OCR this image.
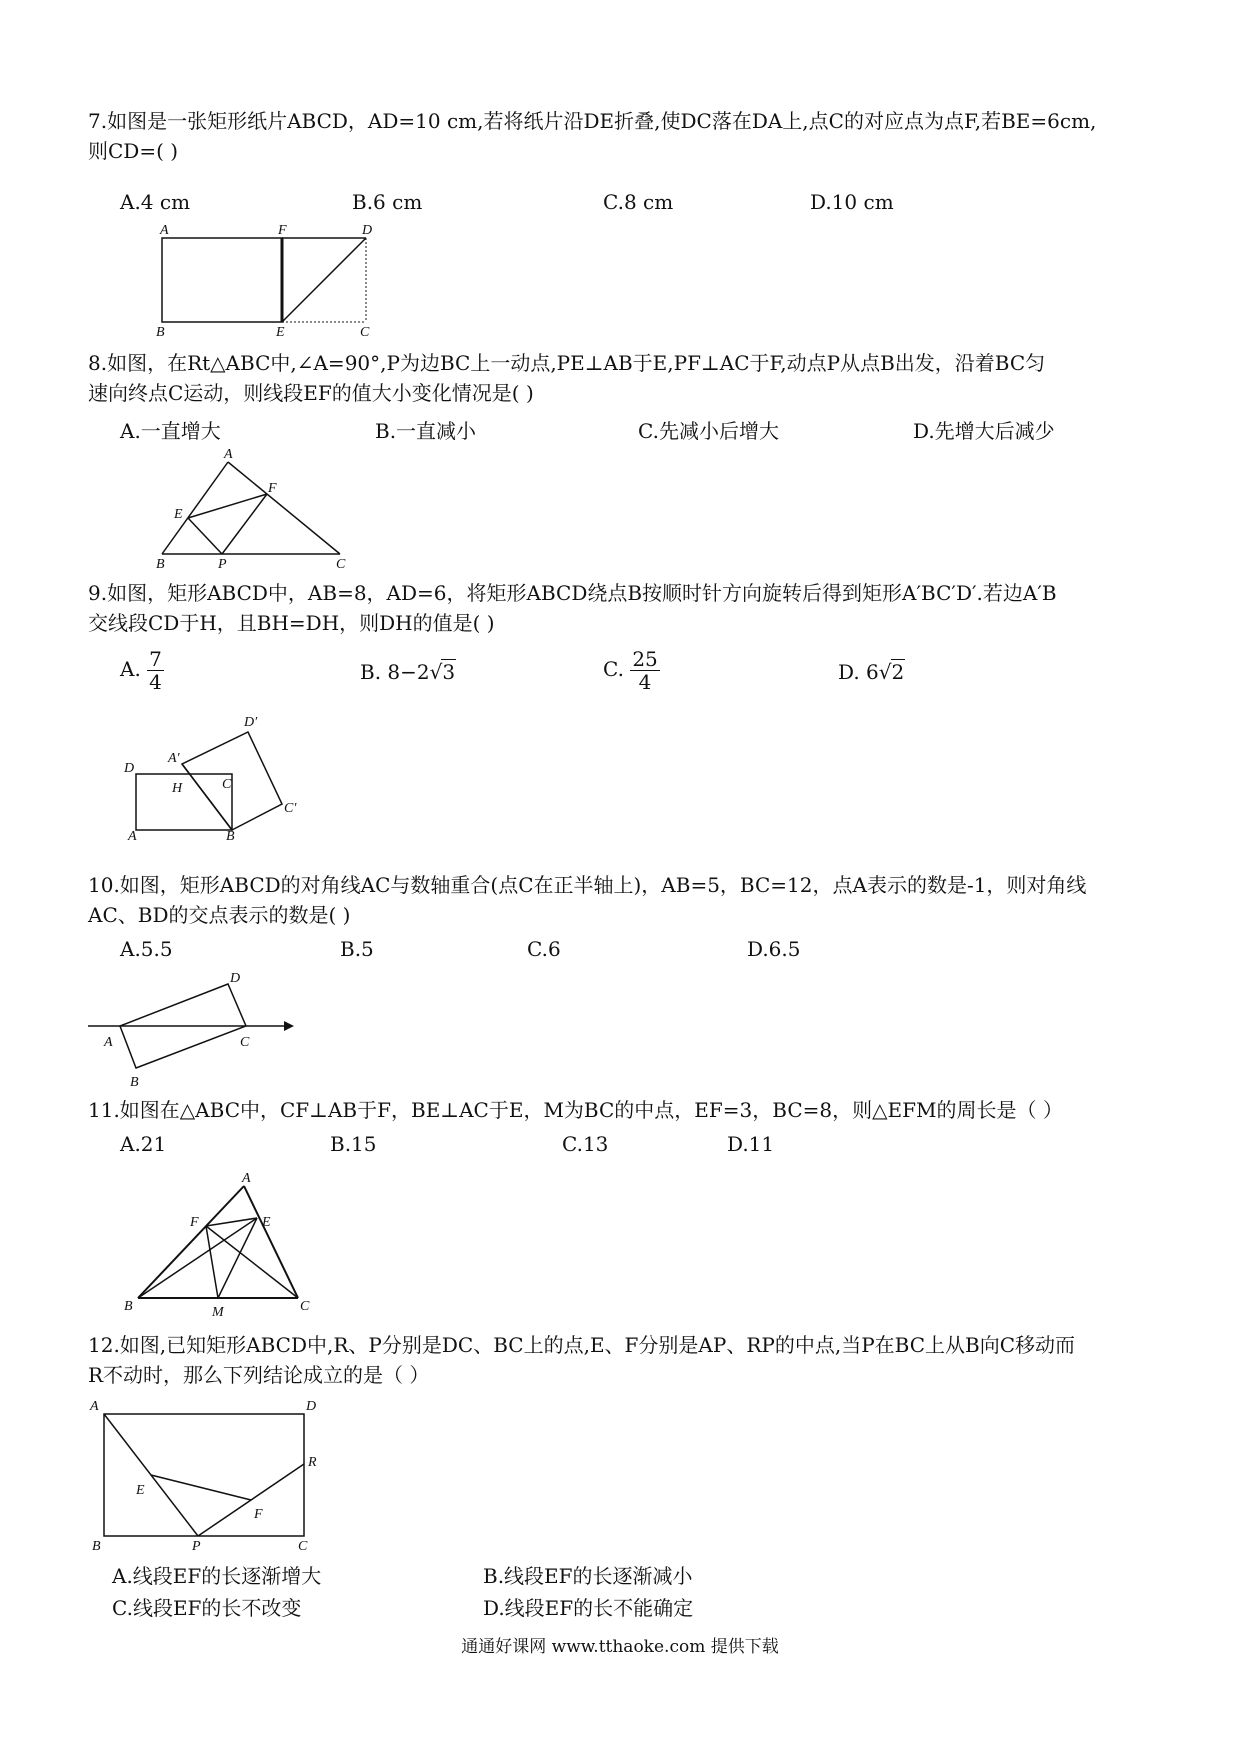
7.如图是一张矩形纸片ABCD，AD=10 cm,若将纸片沿DE折叠,使DC落在DA上,点C的对应点为点F,若BE=6cm,
则CD=( )
A.4 cm	B.6 cm	C.8 cm	D.10 cm
A	F	D
B	E	C
8.如图，在Rt△ABC中,∠A=90°,P为边BC上一动点,PE⊥AB于E,PF⊥AC于F,动点P从点B出发，沿着BC匀
速向终点C运动，则线段EF的值大小变化情况是( )
A.一直增大	B.一直减小	C.先减小后增大	D.先增大后减少
A
F
E
B	P	C
9.如图，矩形ABCD中，AB=8，AD=6，将矩形ABCD绕点B按顺时针方向旋转后得到矩形A′BC′D′.若边A′B
交线段CD于H，且BH=DH，则DH的值是( )
A. $\frac{7}{4}$	B. 8−2√3	C. $\frac{25}{4}$	D. 6√2
D′
D
A′
C
H
C′
A	B
10.如图，矩形ABCD的对角线AC与数轴重合(点C在正半轴上)，AB=5，BC=12，点A表示的数是-1，则对角线
AC、BD的交点表示的数是( )
A.5.5	B.5	C.6	D.6.5
D
A	C
B
11.如图在△ABC中，CF⊥AB于F，BE⊥AC于E，M为BC的中点，EF=3，BC=8，则△EFM的周长是（ ）
A.21	B.15	C.13	D.11
A
F	E
B	M	C
12.如图,已知矩形ABCD中,R、P分别是DC、BC上的点,E、F分别是AP、RP的中点,当P在BC上从B向C移动而
R不动时，那么下列结论成立的是（ ）
A	D
R
E
F
B	P	C
A.线段EF的长逐渐增大	B.线段EF的长逐渐减小
C.线段EF的长不改变	D.线段EF的长不能确定
通通好课网 www.tthaoke.com 提供下载
